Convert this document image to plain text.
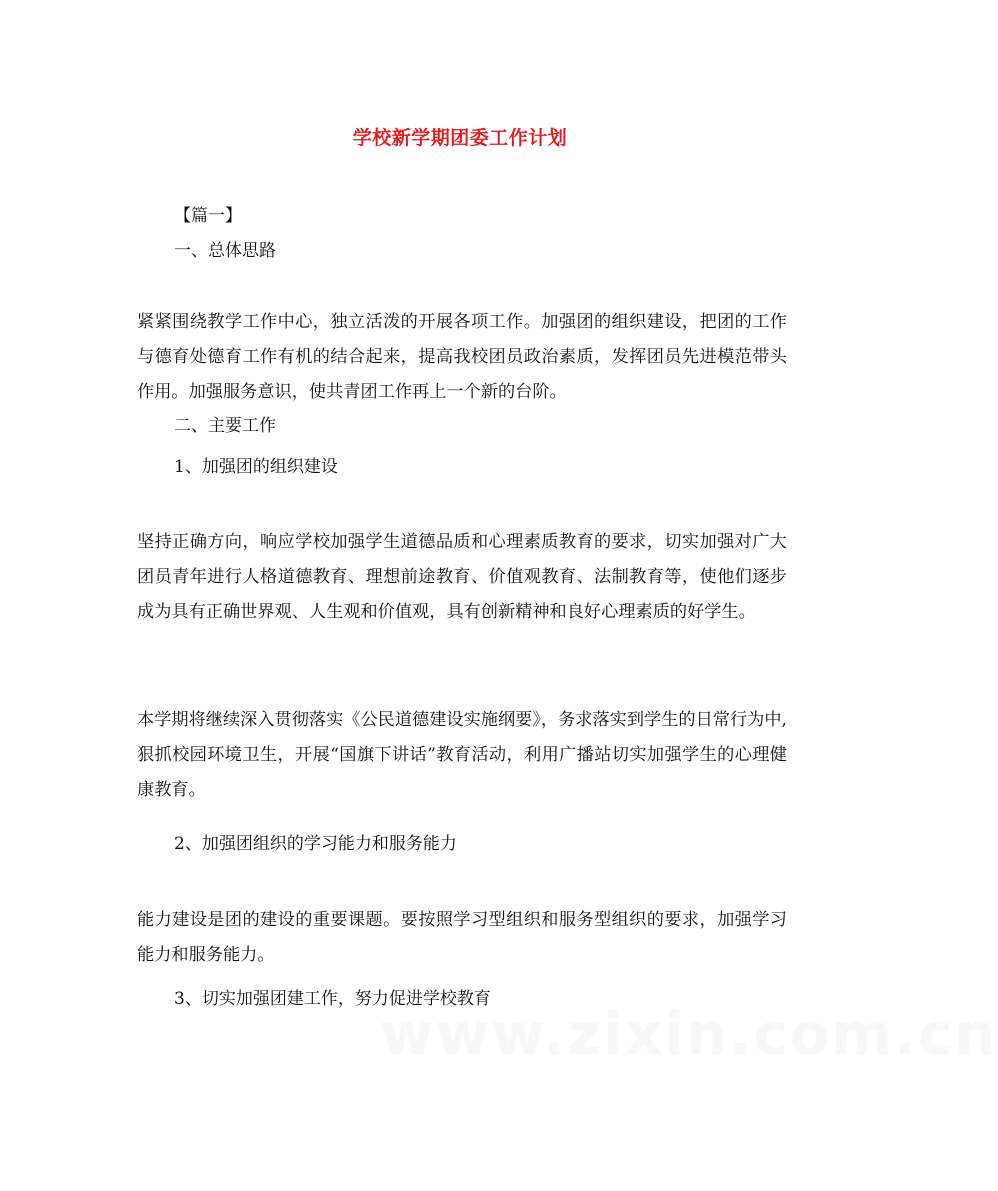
学校新学期团委工作计划
【篇一】
一、总体思路
紧紧围绕教学工作中心，独立活泼的开展各项工作。加强团的组织建设，把团的工作与德育处德育工作有机的结合起来，提高我校团员政治素质，发挥团员先进模范带头作用。加强服务意识，使共青团工作再上一个新的台阶。
二、主要工作
1、加强团的组织建设
坚持正确方向，响应学校加强学生道德品质和心理素质教育的要求，切实加强对广大团员青年进行人格道德教育、理想前途教育、价值观教育、法制教育等，使他们逐步成为具有正确世界观、人生观和价值观，具有创新精神和良好心理素质的好学生。
本学期将继续深入贯彻落实《公民道德建设实施纲要》，务求落实到学生的日常行为中,狠抓校园环境卫生，开展“国旗下讲话”教育活动，利用广播站切实加强学生的心理健康教育。
2、加强团组织的学习能力和服务能力
能力建设是团的建设的重要课题。要按照学习型组织和服务型组织的要求，加强学习能力和服务能力。
3、切实加强团建工作，努力促进学校教育
www.zixin.com.cn
